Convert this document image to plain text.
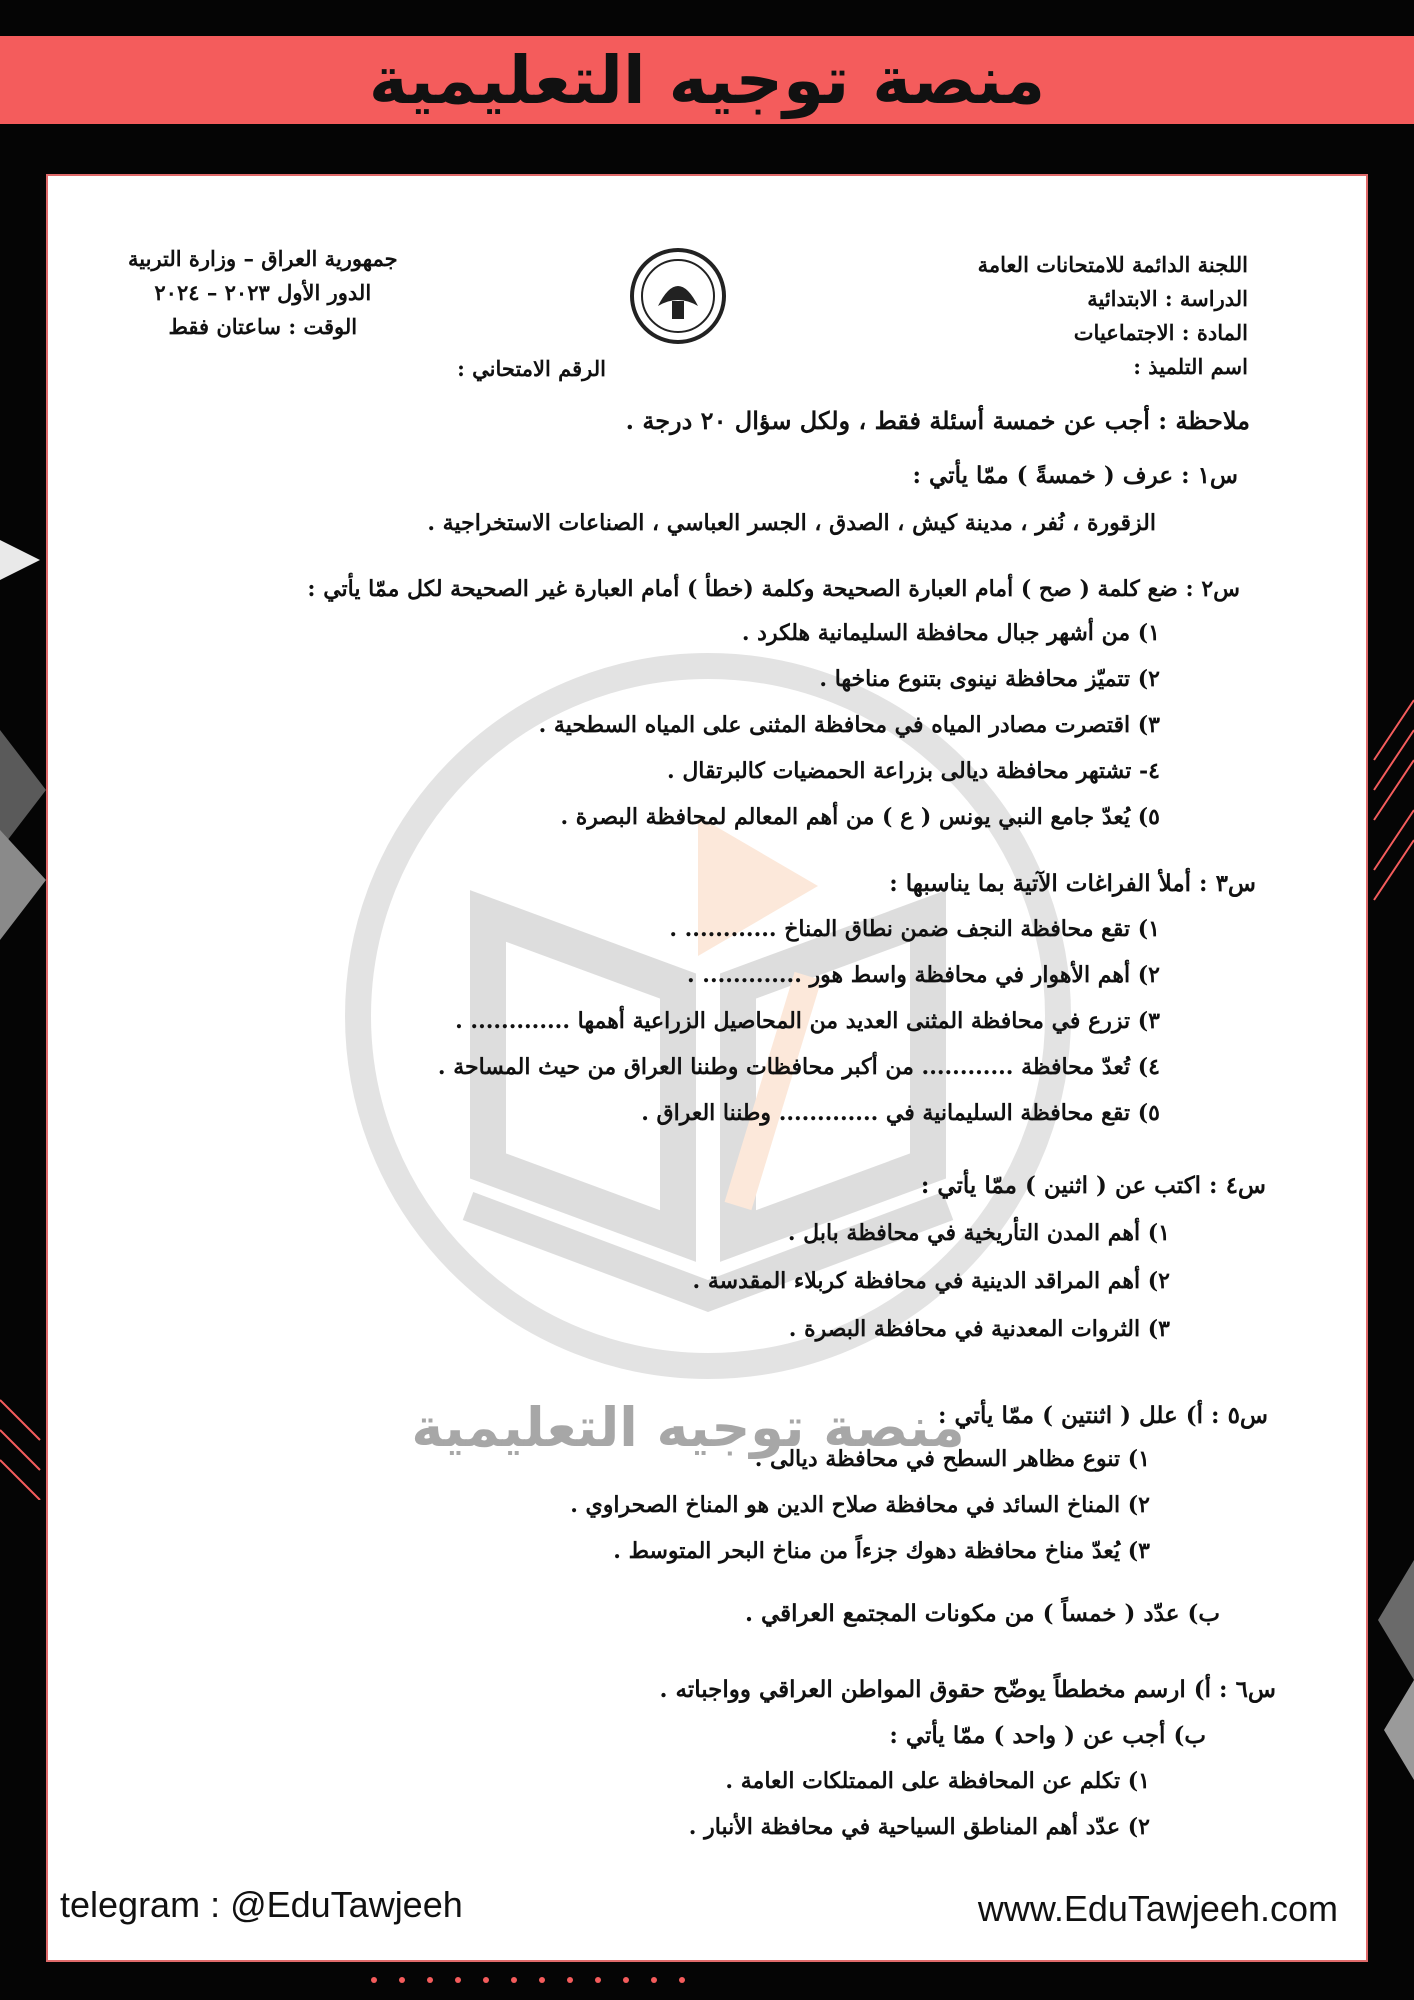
منصة توجيه التعليمية
اللجنة الدائمة للامتحانات العامة
الدراسة : الابتدائية
المادة : الاجتماعيات
اسم التلميذ :
جمهورية العراق – وزارة التربية
الدور الأول ٢٠٢٣ – ٢٠٢٤
الوقت : ساعتان فقط
الرقم الامتحاني :
ملاحظة : أجب عن خمسة أسئلة فقط ، ولكل سؤال ٢٠ درجة .
س١ : عرف ( خمسةً ) ممّا يأتي :
الزقورة ، نُفر ، مدينة كيش ، الصدق ، الجسر العباسي ، الصناعات الاستخراجية .
س٢ : ضع كلمة ( صح ) أمام العبارة الصحيحة وكلمة (خطأ ) أمام العبارة غير الصحيحة لكل ممّا يأتي :
١) من أشهر جبال محافظة السليمانية هلكرد .
٢) تتميّز محافظة نينوى بتنوع مناخها .
٣) اقتصرت مصادر المياه في محافظة المثنى على المياه السطحية .
٤- تشتهر محافظة ديالى بزراعة الحمضيات كالبرتقال .
٥) يُعدّ جامع النبي يونس ( ع ) من أهم المعالم لمحافظة البصرة .
س٣ : أملأ الفراغات الآتية بما يناسبها :
١) تقع محافظة النجف ضمن نطاق المناخ ............ .
٢) أهم الأهوار في محافظة واسط هور ............. .
٣) تزرع في محافظة المثنى العديد من المحاصيل الزراعية أهمها ............. .
٤) تُعدّ محافظة ............ من أكبر محافظات وطننا العراق من حيث المساحة .
٥) تقع محافظة السليمانية في ............. وطننا العراق .
س٤ : اكتب عن ( اثنين ) ممّا يأتي :
١) أهم المدن التأريخية في محافظة بابل .
٢) أهم المراقد الدينية في محافظة كربلاء المقدسة .
٣) الثروات المعدنية في محافظة البصرة .
س٥ : أ) علل ( اثنتين ) ممّا يأتي :
١) تنوع مظاهر السطح في محافظة ديالى .
٢) المناخ السائد في محافظة صلاح الدين هو المناخ الصحراوي .
٣) يُعدّ مناخ محافظة دهوك جزءاً من مناخ البحر المتوسط .
ب) عدّد ( خمساً ) من مكونات المجتمع العراقي .
س٦ : أ) ارسم مخططاً يوضّح حقوق المواطن العراقي وواجباته .
ب) أجب عن ( واحد ) ممّا يأتي :
١) تكلم عن المحافظة على الممتلكات العامة .
٢) عدّد أهم المناطق السياحية في محافظة الأنبار .
منصة توجيه التعليمية
telegram : @EduTawjeeh	www.EduTawjeeh.com
